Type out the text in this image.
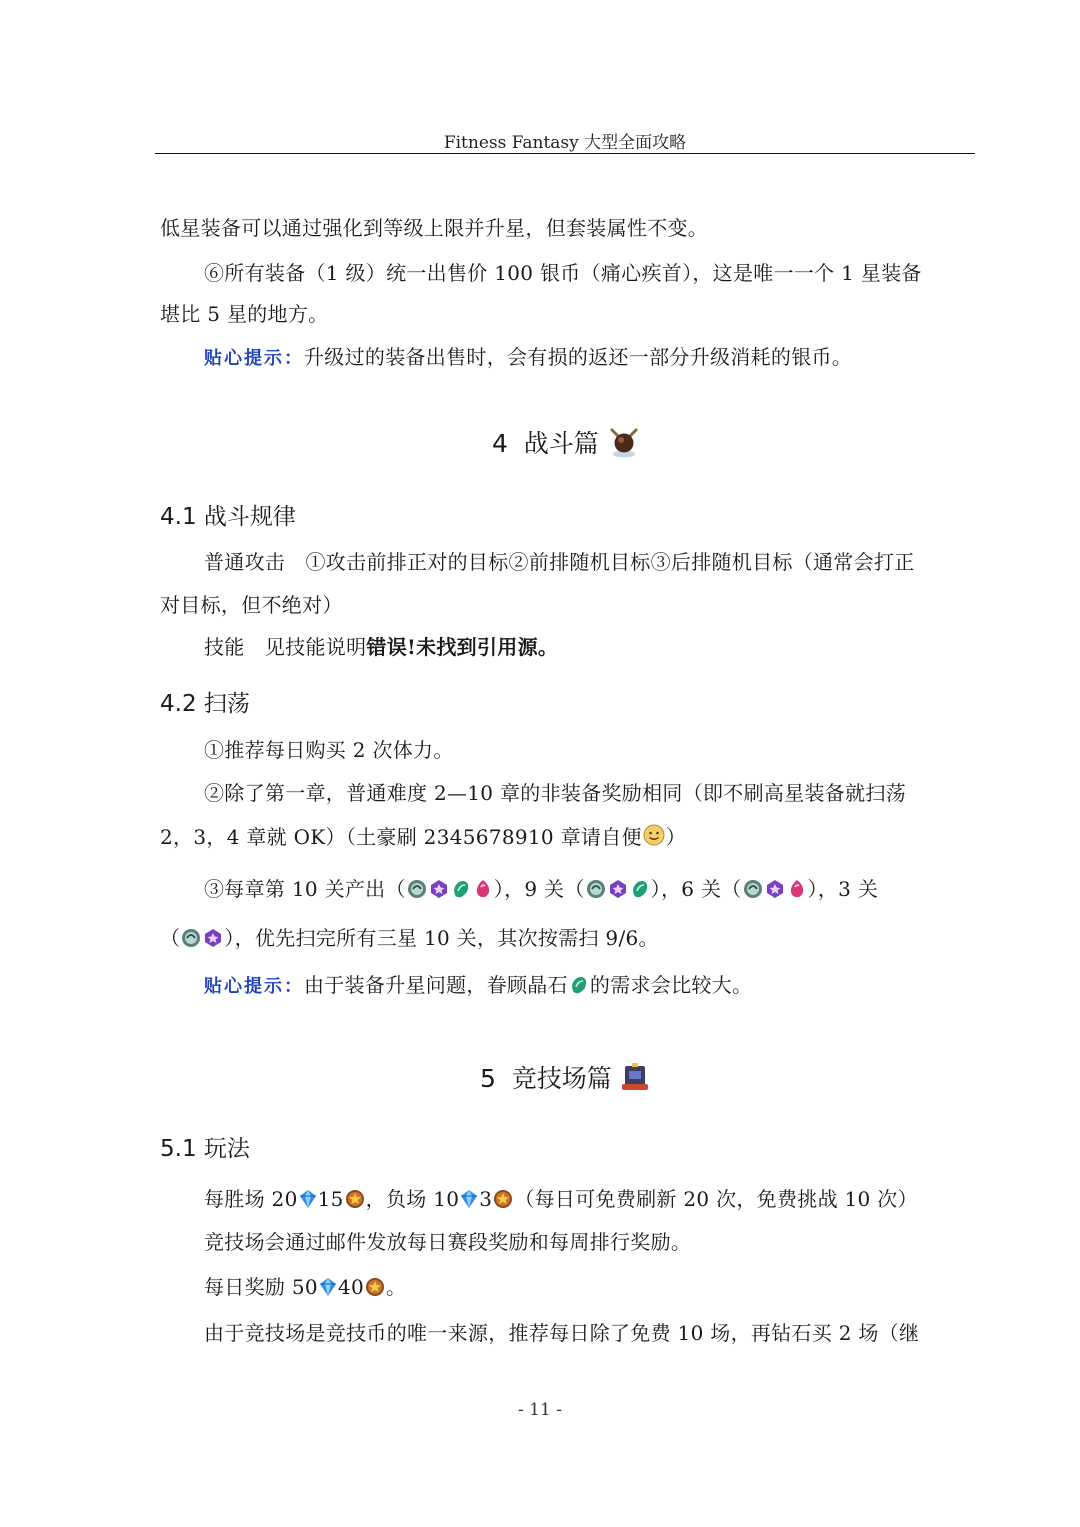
Fitness Fantasy 大型全面攻略
低星装备可以通过强化到等级上限并升星，但套装属性不变。
⑥所有装备（1 级）统一出售价 100 银币（痛心疾首），这是唯一一个 1 星装备
堪比 5 星的地方。
贴心提示：升级过的装备出售时，会有损的返还一部分升级消耗的银币。
4  战斗篇
4.1 战斗规律
普通攻击　①攻击前排正对的目标②前排随机目标③后排随机目标（通常会打正
对目标，但不绝对）
技能　见技能说明错误!未找到引用源。
4.2 扫荡
①推荐每日购买 2 次体力。
②除了第一章，普通难度 2—10 章的非装备奖励相同（即不刷高星装备就扫荡
2，3，4 章就 OK）（土豪刷 2345678910 章请自便 ）
③每章第 10 关产出（	），9 关（	），6 关（	），3 关
（ ），优先扫完所有三星 10 关，其次按需扫 9/6。
贴心提示：由于装备升星问题，眷顾晶石 的需求会比较大。
5  竞技场篇
5.1 玩法
每胜场 20 15 ，负场 10 3 （每日可免费刷新 20 次，免费挑战 10 次）
竞技场会通过邮件发放每日赛段奖励和每周排行奖励。
每日奖励 50 40 。
由于竞技场是竞技币的唯一来源，推荐每日除了免费 10 场，再钻石买 2 场（继
- 11 -
